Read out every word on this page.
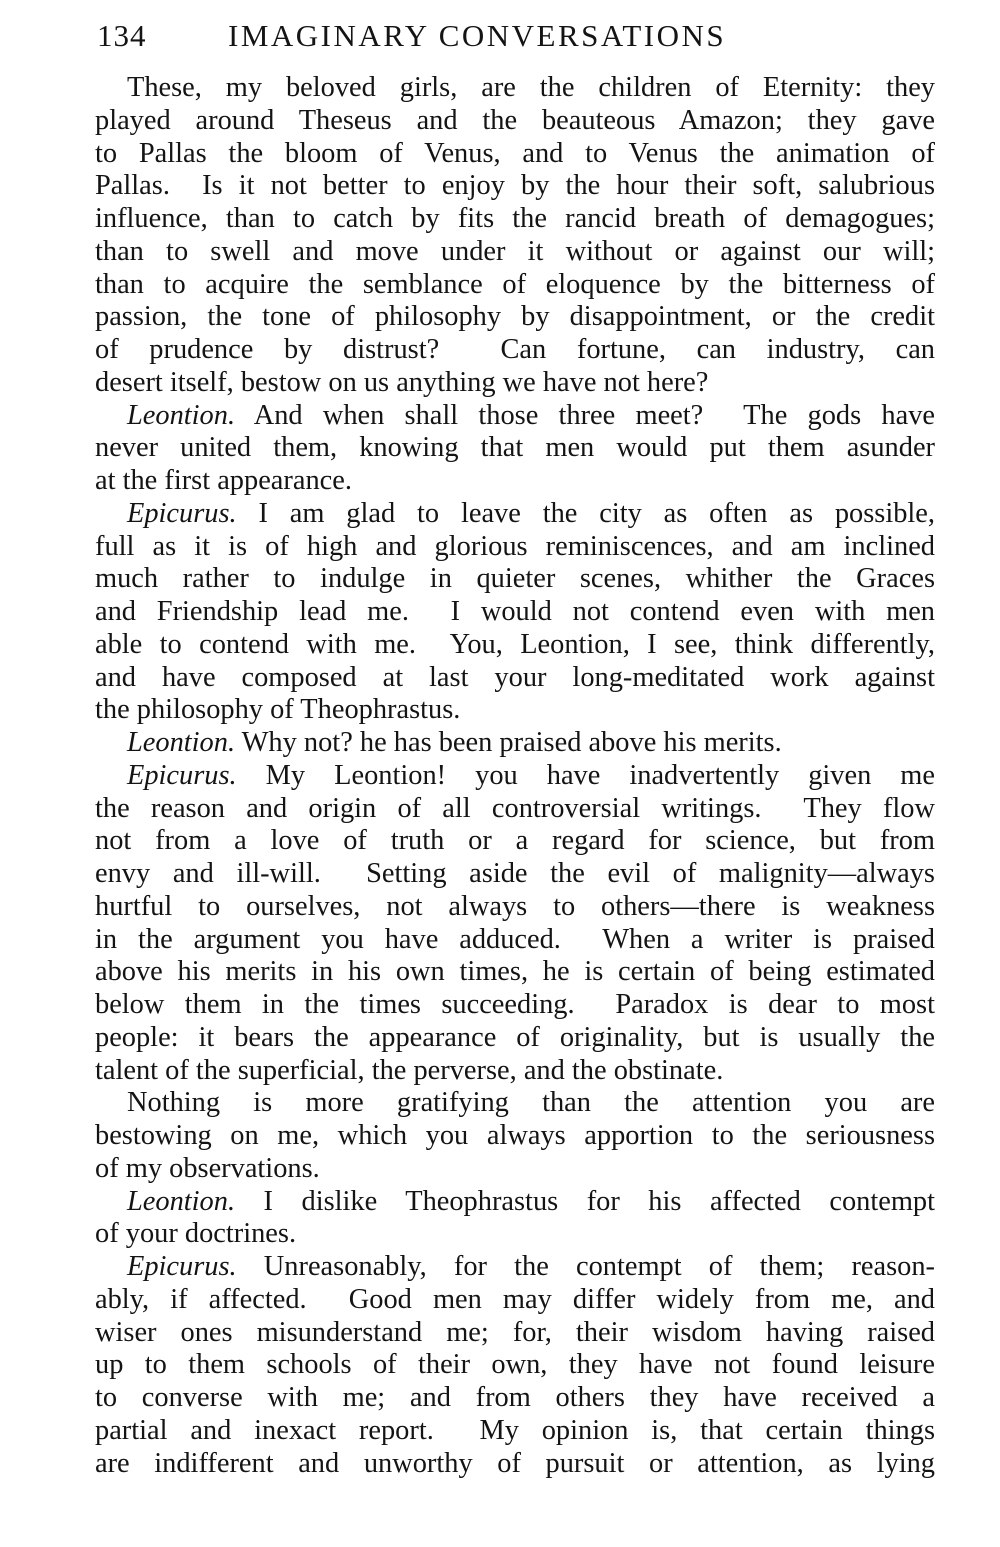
134	IMAGINARY CONVERSATIONS
These, my beloved girls, are the children of Eternity: they
played around Theseus and the beauteous Amazon; they gave
to Pallas the bloom of Venus, and to Venus the animation of
Pallas.  Is it not better to enjoy by the hour their soft, salubrious
influence, than to catch by fits the rancid breath of demagogues;
than to swell and move under it without or against our will;
than to acquire the semblance of eloquence by the bitterness of
passion, the tone of philosophy by disappointment, or the credit
of prudence by distrust?  Can fortune, can industry, can
desert itself, bestow on us anything we have not here?
Leontion. And when shall those three meet?  The gods have
never united them, knowing that men would put them asunder
at the first appearance.
Epicurus. I am glad to leave the city as often as possible,
full as it is of high and glorious reminiscences, and am inclined
much rather to indulge in quieter scenes, whither the Graces
and Friendship lead me.  I would not contend even with men
able to contend with me.  You, Leontion, I see, think differently,
and have composed at last your long-meditated work against
the philosophy of Theophrastus.
Leontion. Why not? he has been praised above his merits.
Epicurus. My Leontion! you have inadvertently given me
the reason and origin of all controversial writings.  They flow
not from a love of truth or a regard for science, but from
envy and ill-will.  Setting aside the evil of malignity—always
hurtful to ourselves, not always to others—there is weakness
in the argument you have adduced.  When a writer is praised
above his merits in his own times, he is certain of being estimated
below them in the times succeeding.  Paradox is dear to most
people: it bears the appearance of originality, but is usually the
talent of the superficial, the perverse, and the obstinate.
Nothing is more gratifying than the attention you are
bestowing on me, which you always apportion to the seriousness
of my observations.
Leontion. I dislike Theophrastus for his affected contempt
of your doctrines.
Epicurus. Unreasonably, for the contempt of them; reason-
ably, if affected.  Good men may differ widely from me, and
wiser ones misunderstand me; for, their wisdom having raised
up to them schools of their own, they have not found leisure
to converse with me; and from others they have received a
partial and inexact report.  My opinion is, that certain things
are indifferent and unworthy of pursuit or attention, as lying
